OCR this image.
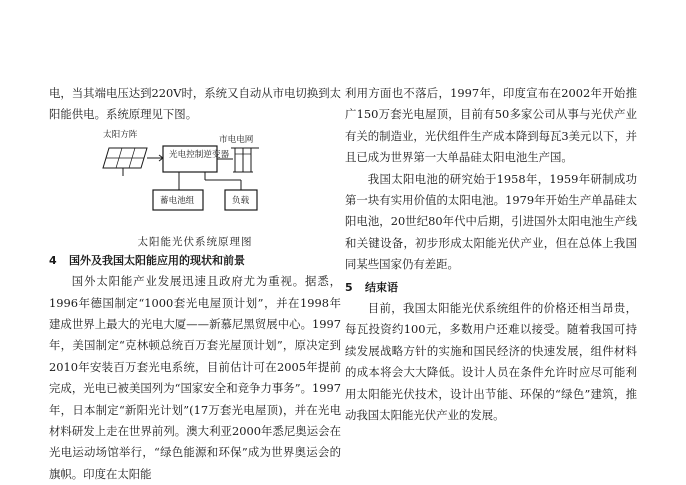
电，当其端电压达到220V时，系统又自动从市电切换到太阳能供电。系统原理见下图。

太阳方阵
光电控制逆变器
市电电网
蓄电池组	负载
太阳能光伏系统原理图
4 国外及我国太阳能应用的现状和前景

国外太阳能产业发展迅速且政府尤为重视。据悉，1996年德国制定“1000套光电屋顶计划”，并在1998年建成世界上最大的光电大厦——新慕尼黑贸展中心。1997年，美国制定“克林顿总统百万套光屋顶计划”，原决定到2010年安装百万套光电系统，目前估计可在2005年提前完成，光电已被美国列为“国家安全和竞争力事务”。1997年，日本制定“新阳光计划”(17万套光电屋顶)，并在光电材料研发上走在世界前列。澳大利亚2000年悉尼奥运会在光电运动场馆举行，“绿色能源和环保”成为世界奥运会的旗帜。印度在太阳能

利用方面也不落后，1997年，印度宣布在2002年开始推广150万套光电屋顶，目前有50多家公司从事与光伏产业有关的制造业，光伏组件生产成本降到每瓦3美元以下，并且已成为世界第一大单晶硅太阳电池生产国。

我国太阳电池的研究始于1958年，1959年研制成功第一块有实用价值的太阳电池。1979年开始生产单晶硅太阳电池，20世纪80年代中后期，引进国外太阳电池生产线和关键设备，初步形成太阳能光伏产业，但在总体上我国同某些国家仍有差距。

5 结束语

目前，我国太阳能光伏系统组件的价格还相当昂贵，每瓦投资约100元，多数用户还难以接受。随着我国可持续发展战略方针的实施和国民经济的快速发展，组件材料的成本将会大大降低。设计人员在条件允许时应尽可能利用太阳能光伏技术，设计出节能、环保的“绿色”建筑，推动我国太阳能光伏产业的发展。
